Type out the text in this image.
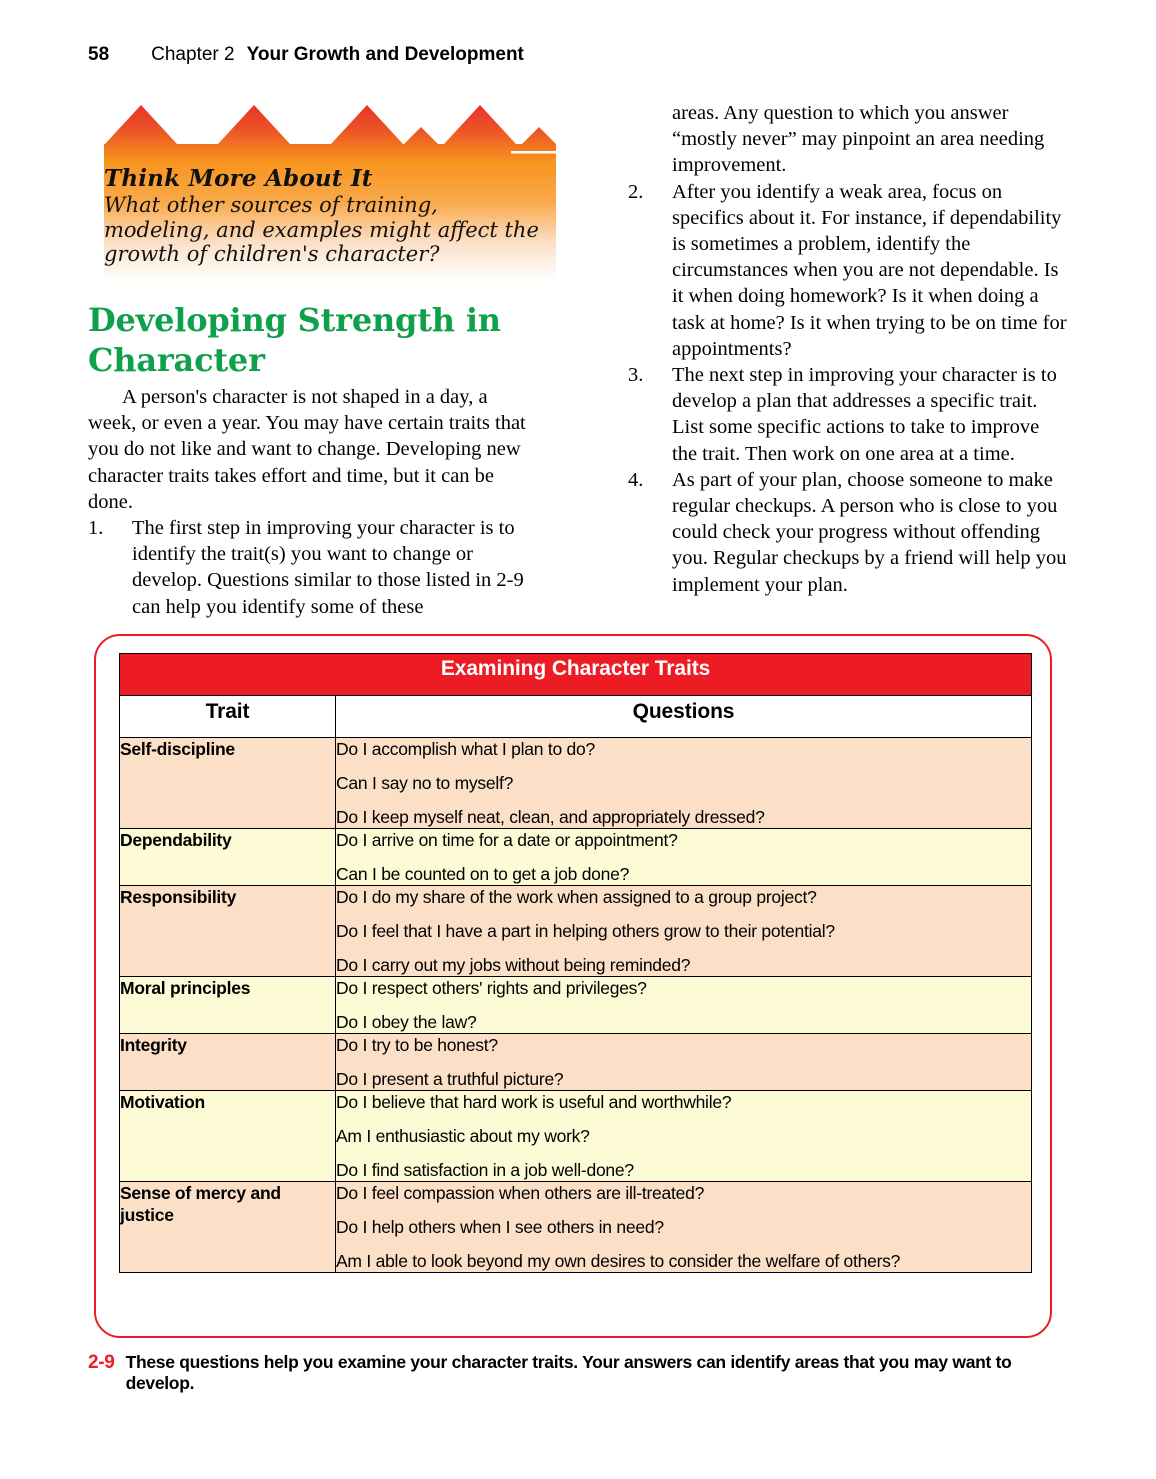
58 Chapter 2 Your Growth and Development
Think More About It
What other sources of training, modeling, and examples might affect the growth of children's character?
Developing Strength in Character

A person's character is not shaped in a day, a week, or even a year. You may have certain traits that you do not like and want to change. Developing new character traits takes effort and time, but it can be done.

1.	The first step in improving your character is to identify the trait(s) you want to change or develop. Questions similar to those listed in 2-9 can help you identify some of these

areas. Any question to which you answer “mostly never” may pinpoint an area needing improvement.

2.	After you identify a weak area, focus on specifics about it. For instance, if dependability is sometimes a problem, identify the circumstances when you are not dependable. Is it when doing homework? Is it when doing a task at home? Is it when trying to be on time for appointments?
3.	The next step in improving your character is to develop a plan that addresses a specific trait. List some specific actions to take to improve the trait. Then work on one area at a time.
4.	As part of your plan, choose someone to make regular checkups. A person who is close to you could check your progress without offending you. Regular checkups by a friend will help you implement your plan.
Examining Character Traits	
Trait	Questions
Self-discipline	Do I accomplish what I plan to do?
Can I say no to myself?
Do I keep myself neat, clean, and appropriately dressed?

Dependability	Do I arrive on time for a date or appointment?
Can I be counted on to get a job done?

Responsibility	Do I do my share of the work when assigned to a group project?
Do I feel that I have a part in helping others grow to their potential?
Do I carry out my jobs without being reminded?

Moral principles	Do I respect others' rights and privileges?
Do I obey the law?

Integrity	Do I try to be honest?
Do I present a truthful picture?

Motivation	Do I believe that hard work is useful and worthwhile?
Am I enthusiastic about my work?
Do I find satisfaction in a job well-done?

Sense of mercy and justice	Do I feel compassion when others are ill-treated?
Do I help others when I see others in need?
Am I able to look beyond my own desires to consider the welfare of others?
2-9 These questions help you examine your character traits. Your answers can identify areas that you may want to develop.
